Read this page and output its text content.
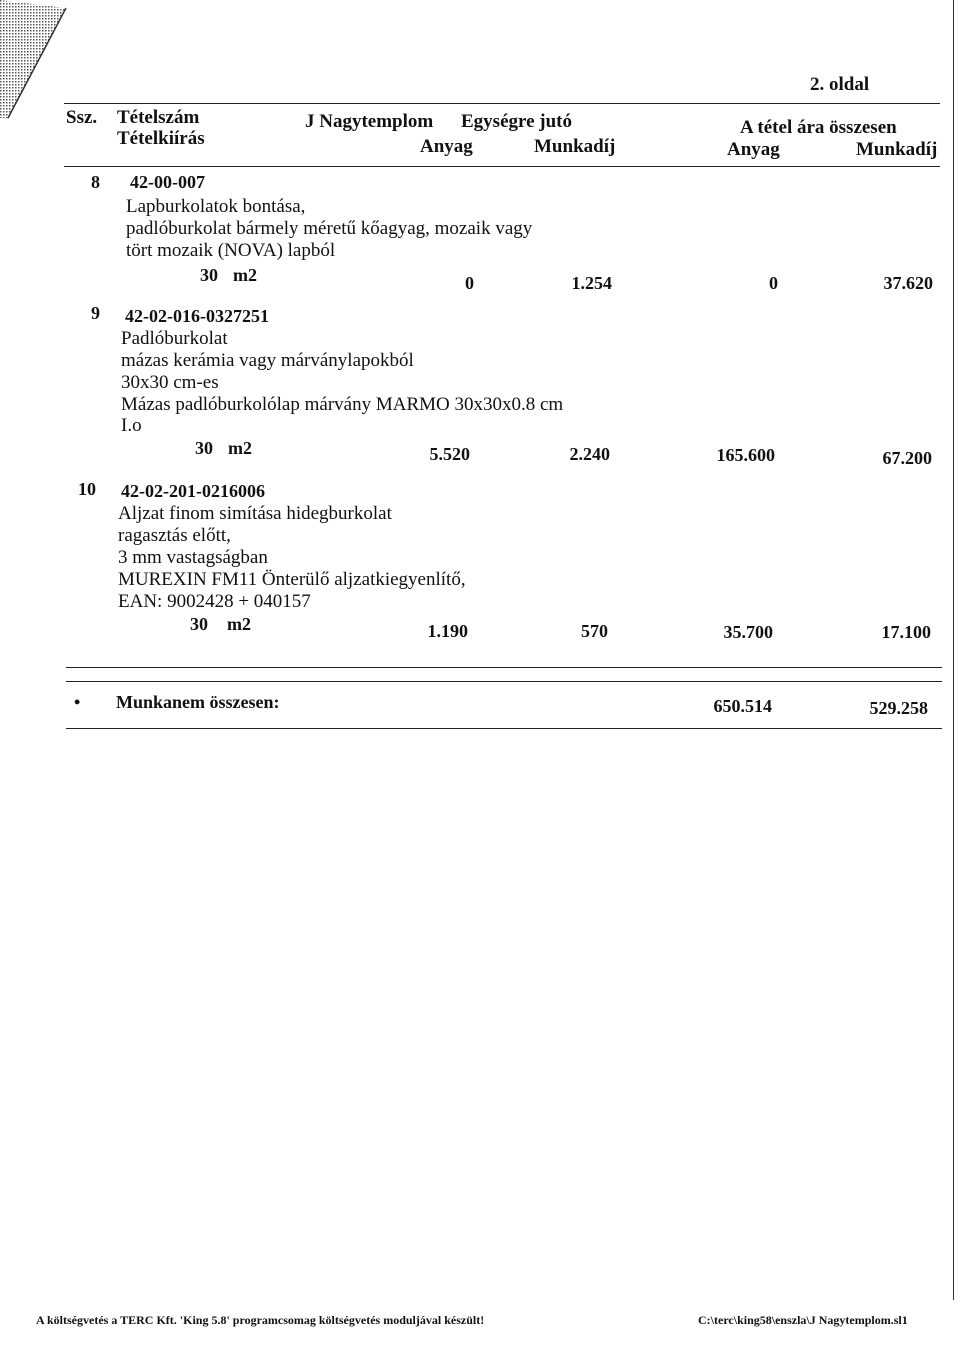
2. oldal
Ssz. Tételszám
Tételkiírás
J Nagytemplom Egységre jutó
Anyag	Munkadíj
A tétel ára összesen
Anyag	Munkadíj
8 42-00-007
Lapburkolatok bontása,
padlóburkolat bármely méretű kőagyag, mozaik vagy
tört mozaik (NOVA) lapból
30 m2	0	1.254	0	37.620
9 42-02-016-0327251
Padlóburkolat
mázas kerámia vagy márványlapokból
30x30 cm-es
Mázas padlóburkolólap márvány MARMO 30x30x0.8 cm
I.o
30 m2	5.520	2.240	165.600	67.200
10 42-02-201-0216006
Aljzat finom simítása hidegburkolat
ragasztás előtt,
3 mm vastagságban
MUREXIN FM11 Önterülő aljzatkiegyenlítő,
EAN: 9002428 + 040157
30 m2	1.190	570	35.700	17.100
• Munkanem összesen:	650.514	529.258
A költségvetés a TERC Kft. 'King 5.8' programcsomag költségvetés moduljával készült!	C:\terc\king58\enszla\J Nagytemplom.sl1
